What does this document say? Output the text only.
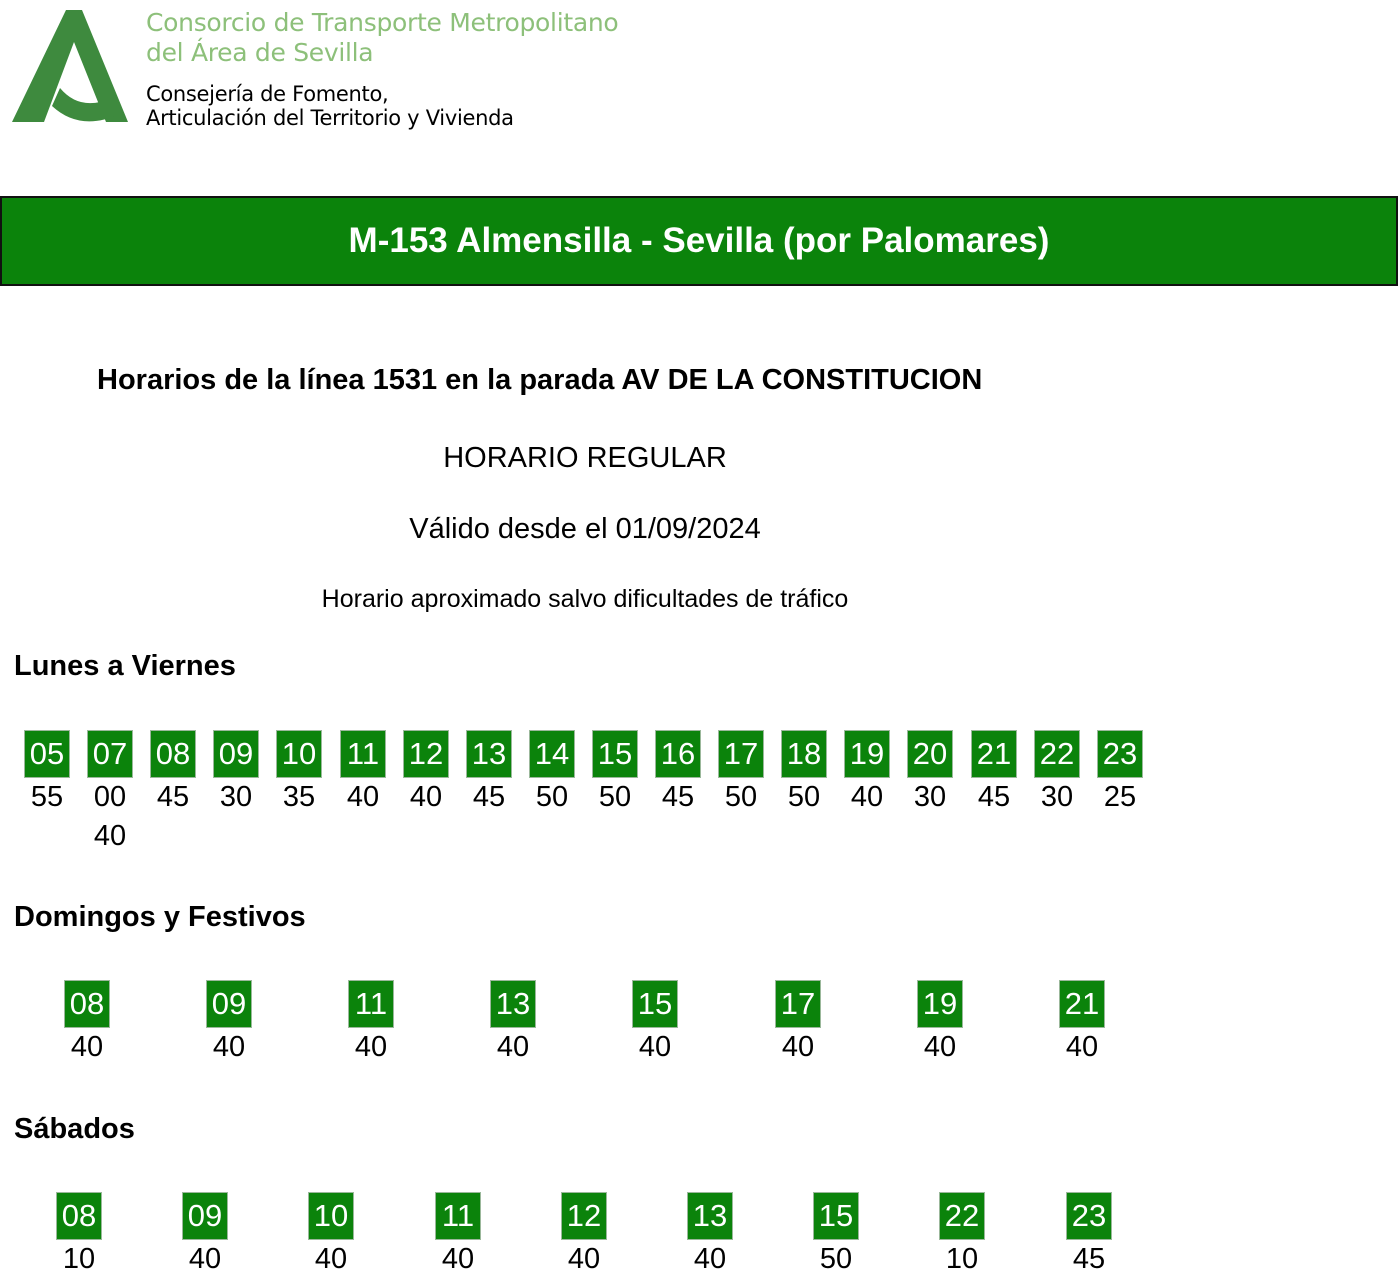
Consorcio de Transporte Metropolitano
del Área de Sevilla
Consejería de Fomento,
Articulación del Territorio y Vivienda
M-153 Almensilla - Sevilla (por Palomares)
Horarios de la línea 1531 en la parada AV DE LA CONSTITUCION
HORARIO REGULAR
Válido desde el 01/09/2024
Horario aproximado salvo dificultades de tráfico
Lunes a Viernes
05
55
07
00
40
08
45
09
30
10
35
11
40
12
40
13
45
14
50
15
50
16
45
17
50
18
50
19
40
20
30
21
45
22
30
23
25
Domingos y Festivos
08
40
09
40
11
40
13
40
15
40
17
40
19
40
21
40
Sábados
08
10
09
40
10
40
11
40
12
40
13
40
15
50
22
10
23
45
